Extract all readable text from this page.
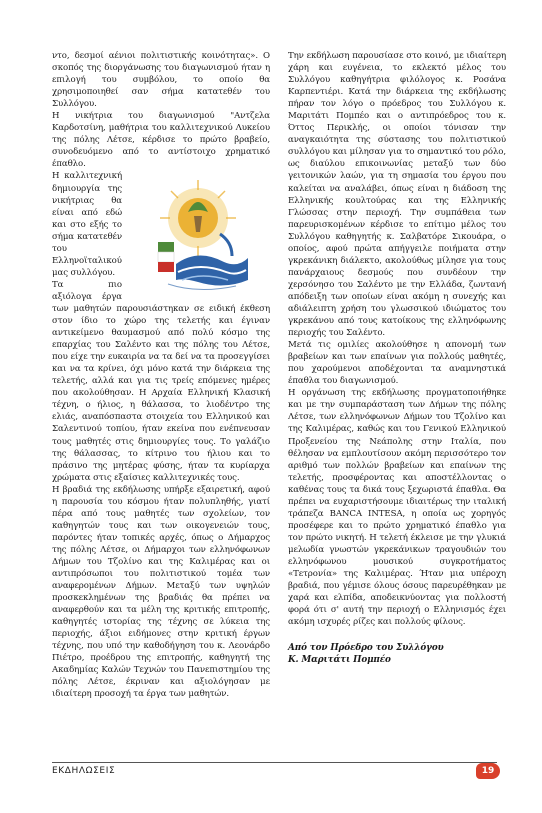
ντο, δεσμοί αένιοι πολιτιστικής κοινότητας». Ο σκοπός της διοργάνωσης του διαγωνισμού ήταν η επιλογή του συμβόλου, το οποίο θα χρησιμοποιηθεί σαν σήμα κατατεθέν του Συλλόγου.

Η νικήτρια του διαγωνισμού "Αντζελα Καρδοτσίνη, μαθήτρια του καλλιτεχνικού Λυκείου της πόλης Λέτσε, κέρδισε το πρώτο βραβείο, συνοδευόμενο από το αντίστοιχο χρηματικό έπαθλο.

Η καλλιτεχνική δημιουργία της νικήτριας θα είναι από εδώ και στο εξής το σήμα κατατεθέν του Ελληνοϊταλικού μας συλλόγου.

Τα πιο αξιόλογα έργα των μαθητών παρουσιάστηκαν σε ειδική έκθεση στον ίδιο το χώρο της τελετής και έγιναν αντικείμενο θαυμασμού από πολύ κόσμο της επαρχίας του Σαλέντο και της πόλης του Λέτσε, που είχε την ευκαιρία να τα δεί να τα προσεγγίσει και να τα κρίνει, όχι μόνο κατά την διάρκεια της τελετής, αλλά και για τις τρείς επόμενες ημέρες που ακολούθησαν. Η Αρχαία Ελληνική Κλασική τέχνη, ο ήλιος, η θάλασσα, το λιοδέντρο της ελιάς, αναπόσπαστα στοιχεία του Ελληνικού και Σαλεντινού τοπίου, ήταν εκείνα που ενέπνευσαν τους μαθητές στις δημιουργίες τους. Το γαλάζιο της θάλασσας, το κίτρινο του ήλιου και το πράσινο της μητέρας φύσης, ήταν τα κυρίαρχα χρώματα στις εξαίσιες καλλιτεχνικές τους.

Η βραδιά της εκδήλωσης υπήρξε εξαιρετική, αφού η παρουσία του κόσμου ήταν πολυπληθής, γιατί πέρα από τους μαθητές των σχολείων, τον καθηγητών τους και των οικογενειών τους, παρόντες ήταν τοπικές αρχές, όπως ο Δήμαρχος της πόλης Λέτσε, οι Δήμαρχοι των ελληνόφωνων Δήμων του Τζολίνο και της Καλιμέρας και οι αντιπρόσωποι του πολιτιστικού τομέα των αναφερομένων Δήμων. Μεταξύ των υψηλών προσκεκλημένων της βραδιάς θα πρέπει να αναφερθούν και τα μέλη της κριτικής επιτροπής, καθηγητές ιστορίας της τέχνης σε λύκεια της περιοχής, άξιοι ειδήμονες στην κριτική έργων τέχνης, που υπό την καθοδήγηση του κ. Λεονάρδο Πιέτρο, προέδρου της επιτροπής, καθηγητή της Ακαδημίας Καλών Τεχνών του Πανεπιστημίου της πόλης Λέτσε, έκριναν και αξιολόγησαν με ιδιαίτερη προσοχή τα έργα των μαθητών.

Την εκδήλωση παρουσίασε στο κοινό, με ιδιαίτερη χάρη και ευγένεια, το εκλεκτό μέλος του Συλλόγου καθηγήτρια φιλόλογος κ. Ροσάνα Καρπεντιέρι. Κατά την διάρκεια της εκδήλωσης πήραν τον λόγο ο πρόεδρος του Συλλόγου κ. Μαριτάτι Πομπέο και ο αντιπρόεδρος του κ. Όττος Περικλής, οι οποίοι τόνισαν την αναγκαιότητα της σύστασης του πολιτιστικού συλλόγου και μίλησαν για το σημαντικό του ρόλο, ως διαύλου επικοινωνίας μεταξύ των δύο γειτονικών λαών, για τη σημασία του έργου που καλείται να αναλάβει, όπως είναι η διάδοση της Ελληνικής κουλτούρας και της Ελληνικής Γλώσσας στην περιοχή. Την συμπάθεια των παρευρισκομένων κέρδισε το επίτιμο μέλος του Συλλόγου καθηγητής κ. Σαλβατόρε Σικουάρα, ο οποίος, αφού πρώτα απήγγειλε ποιήματα στην γκρεκάνικη διάλεκτο, ακολούθως μίλησε για τους πανάρχαιους δεσμούς που συνδέουν την χερσόνησο του Σαλέντο με την Ελλάδα, ζωντανή απόδειξη των οποίων είναι ακόμη η συνεχής και αδιάλειπτη χρήση του γλωσσικού ιδιώματος του γκρεκάνου από τους κατοίκους της ελληνόφωνης περιοχής του Σαλέντο.

Μετά τις ομιλίες ακολούθησε η απονομή των βραβείων και των επαίνων για πολλούς μαθητές, που χαρούμενοι αποδέχονται τα αναμνηστικά έπαθλα του διαγωνισμού.

Η οργάνωση της εκδήλωσης προγματοποιήθηκε και με την συμπαράσταση των Δήμων της πόλης Λέτσε, των ελληνόφωνων Δήμων του Τζολίνο και της Καλιμέρας, καθώς και του Γενικού Ελληνικού Προξενείου της Νεάπολης στην Ιταλία, που θέλησαν να εμπλουτίσουν ακόμη περισσότερο τον αριθμό των πολλών βραβείων και επαίνων της τελετής, προσφέροντας και αποστέλλοντας ο καθένας τους τα δικά τους ξεχωριστά έπαθλα. Θα πρέπει να ευχαριστήσουμε ιδιαιτέρως την ιταλική τράπεζα BANCA INTESA, η οποία ως χορηγός προσέφερε και το πρώτο χρηματικό έπαθλο για τον πρώτο νικητή. Η τελετή έκλεισε με την γλυκιά μελωδία γνωστών γκρεκάνικων τραγουδιών του ελληνόφωνου μουσικού συγκροτήματος «Τετρονία» της Καλιμέρας. Ήταν μια υπέροχη βραδιά, που γέμισε όλους όσους παρευρέθηκαν με χαρά και ελπίδα, αποδεικνύοντας για πολλοστή φορά ότι σ' αυτή την περιοχή ο Ελληνισμός έχει ακόμη ισχυρές ρίζες και πολλούς φίλους.

Από τον Πρόεδρο του Συλλόγου
Κ. Μαριτάτι Πομπέο
ΕΚΔΗΛΩΣΕΙΣ	19
